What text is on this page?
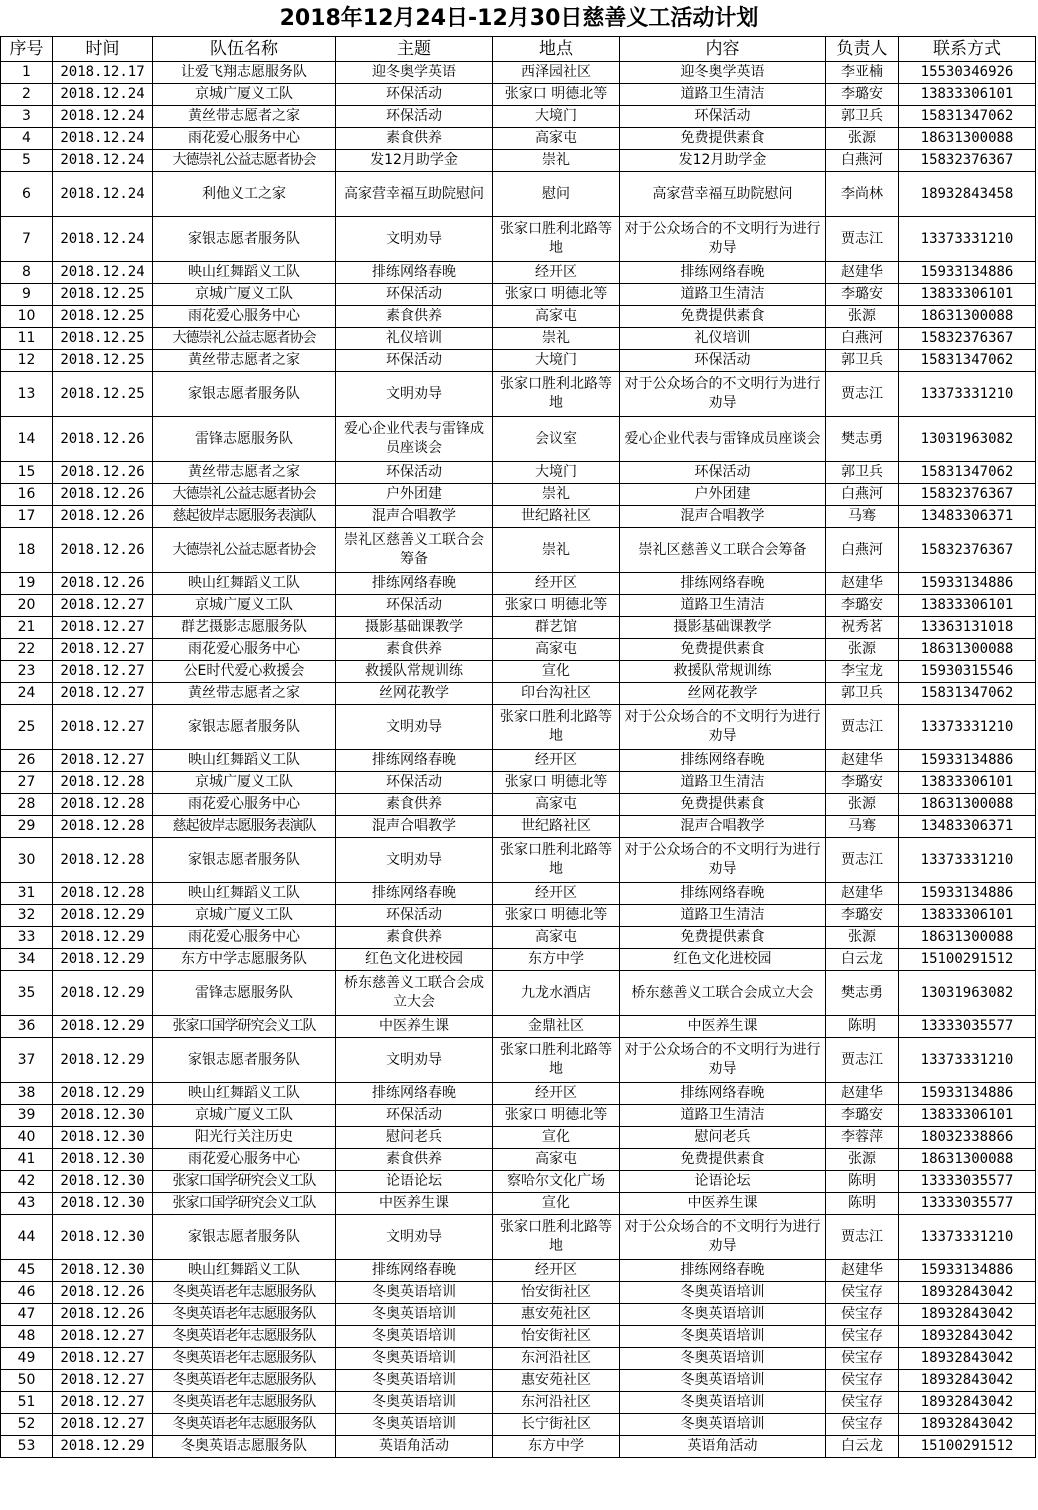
2018年12月24日-12月30日慈善义工活动计划
序号	时间	队伍名称	主题	地点	内容	负责人	联系方式
1	2018.12.17	让爱飞翔志愿服务队	迎冬奥学英语	西泽园社区	迎冬奥学英语	李亚楠	15530346926
2	2018.12.24	京城广厦义工队	环保活动	张家口 明德北等	道路卫生清洁	李璐安	13833306101
3	2018.12.24	黄丝带志愿者之家	环保活动	大境门	环保活动	郭卫兵	15831347062
4	2018.12.24	雨花爱心服务中心	素食供养	高家屯	免费提供素食	张源	18631300088
5	2018.12.24	大德崇礼公益志愿者协会	发12月助学金	崇礼	发12月助学金	白燕河	15832376367
6	2018.12.24	利他义工之家	高家营幸福互助院慰问	慰问	高家营幸福互助院慰问	李尚林	18932843458
7	2018.12.24	家银志愿者服务队	文明劝导	张家口胜利北路等地	对于公众场合的不文明行为进行劝导	贾志江	13373331210
8	2018.12.24	映山红舞蹈义工队	排练网络春晚	经开区	排练网络春晚	赵建华	15933134886
9	2018.12.25	京城广厦义工队	环保活动	张家口 明德北等	道路卫生清洁	李璐安	13833306101
10	2018.12.25	雨花爱心服务中心	素食供养	高家屯	免费提供素食	张源	18631300088
11	2018.12.25	大德崇礼公益志愿者协会	礼仪培训	崇礼	礼仪培训	白燕河	15832376367
12	2018.12.25	黄丝带志愿者之家	环保活动	大境门	环保活动	郭卫兵	15831347062
13	2018.12.25	家银志愿者服务队	文明劝导	张家口胜利北路等地	对于公众场合的不文明行为进行劝导	贾志江	13373331210
14	2018.12.26	雷锋志愿服务队	爱心企业代表与雷锋成员座谈会	会议室	爱心企业代表与雷锋成员座谈会	樊志勇	13031963082
15	2018.12.26	黄丝带志愿者之家	环保活动	大境门	环保活动	郭卫兵	15831347062
16	2018.12.26	大德崇礼公益志愿者协会	户外团建	崇礼	户外团建	白燕河	15832376367
17	2018.12.26	慈起彼岸志愿服务表演队	混声合唱教学	世纪路社区	混声合唱教学	马骞	13483306371
18	2018.12.26	大德崇礼公益志愿者协会	崇礼区慈善义工联合会筹备	崇礼	崇礼区慈善义工联合会筹备	白燕河	15832376367
19	2018.12.26	映山红舞蹈义工队	排练网络春晚	经开区	排练网络春晚	赵建华	15933134886
20	2018.12.27	京城广厦义工队	环保活动	张家口 明德北等	道路卫生清洁	李璐安	13833306101
21	2018.12.27	群艺摄影志愿服务队	摄影基础课教学	群艺馆	摄影基础课教学	祝秀茗	13363131018
22	2018.12.27	雨花爱心服务中心	素食供养	高家屯	免费提供素食	张源	18631300088
23	2018.12.27	公E时代爱心救援会	救援队常规训练	宣化	救援队常规训练	李宝龙	15930315546
24	2018.12.27	黄丝带志愿者之家	丝网花教学	印台沟社区	丝网花教学	郭卫兵	15831347062
25	2018.12.27	家银志愿者服务队	文明劝导	张家口胜利北路等地	对于公众场合的不文明行为进行劝导	贾志江	13373331210
26	2018.12.27	映山红舞蹈义工队	排练网络春晚	经开区	排练网络春晚	赵建华	15933134886
27	2018.12.28	京城广厦义工队	环保活动	张家口 明德北等	道路卫生清洁	李璐安	13833306101
28	2018.12.28	雨花爱心服务中心	素食供养	高家屯	免费提供素食	张源	18631300088
29	2018.12.28	慈起彼岸志愿服务表演队	混声合唱教学	世纪路社区	混声合唱教学	马骞	13483306371
30	2018.12.28	家银志愿者服务队	文明劝导	张家口胜利北路等地	对于公众场合的不文明行为进行劝导	贾志江	13373331210
31	2018.12.28	映山红舞蹈义工队	排练网络春晚	经开区	排练网络春晚	赵建华	15933134886
32	2018.12.29	京城广厦义工队	环保活动	张家口 明德北等	道路卫生清洁	李璐安	13833306101
33	2018.12.29	雨花爱心服务中心	素食供养	高家屯	免费提供素食	张源	18631300088
34	2018.12.29	东方中学志愿服务队	红色文化进校园	东方中学	红色文化进校园	白云龙	15100291512
35	2018.12.29	雷锋志愿服务队	桥东慈善义工联合会成立大会	九龙水酒店	桥东慈善义工联合会成立大会	樊志勇	13031963082
36	2018.12.29	张家口国学研究会义工队	中医养生课	金鼎社区	中医养生课	陈明	13333035577
37	2018.12.29	家银志愿者服务队	文明劝导	张家口胜利北路等地	对于公众场合的不文明行为进行劝导	贾志江	13373331210
38	2018.12.29	映山红舞蹈义工队	排练网络春晚	经开区	排练网络春晚	赵建华	15933134886
39	2018.12.30	京城广厦义工队	环保活动	张家口 明德北等	道路卫生清洁	李璐安	13833306101
40	2018.12.30	阳光行关注历史	慰问老兵	宣化	慰问老兵	李蓉萍	18032338866
41	2018.12.30	雨花爱心服务中心	素食供养	高家屯	免费提供素食	张源	18631300088
42	2018.12.30	张家口国学研究会义工队	论语论坛	察哈尔文化广场	论语论坛	陈明	13333035577
43	2018.12.30	张家口国学研究会义工队	中医养生课	宣化	中医养生课	陈明	13333035577
44	2018.12.30	家银志愿者服务队	文明劝导	张家口胜利北路等地	对于公众场合的不文明行为进行劝导	贾志江	13373331210
45	2018.12.30	映山红舞蹈义工队	排练网络春晚	经开区	排练网络春晚	赵建华	15933134886
46	2018.12.26	冬奥英语老年志愿服务队	冬奥英语培训	怡安街社区	冬奥英语培训	侯宝存	18932843042
47	2018.12.26	冬奥英语老年志愿服务队	冬奥英语培训	惠安苑社区	冬奥英语培训	侯宝存	18932843042
48	2018.12.27	冬奥英语老年志愿服务队	冬奥英语培训	怡安街社区	冬奥英语培训	侯宝存	18932843042
49	2018.12.27	冬奥英语老年志愿服务队	冬奥英语培训	东河沿社区	冬奥英语培训	侯宝存	18932843042
50	2018.12.27	冬奥英语老年志愿服务队	冬奥英语培训	惠安苑社区	冬奥英语培训	侯宝存	18932843042
51	2018.12.27	冬奥英语老年志愿服务队	冬奥英语培训	东河沿社区	冬奥英语培训	侯宝存	18932843042
52	2018.12.27	冬奥英语老年志愿服务队	冬奥英语培训	长宁街社区	冬奥英语培训	侯宝存	18932843042
53	2018.12.29	冬奥英语志愿服务队	英语角活动	东方中学	英语角活动	白云龙	15100291512
